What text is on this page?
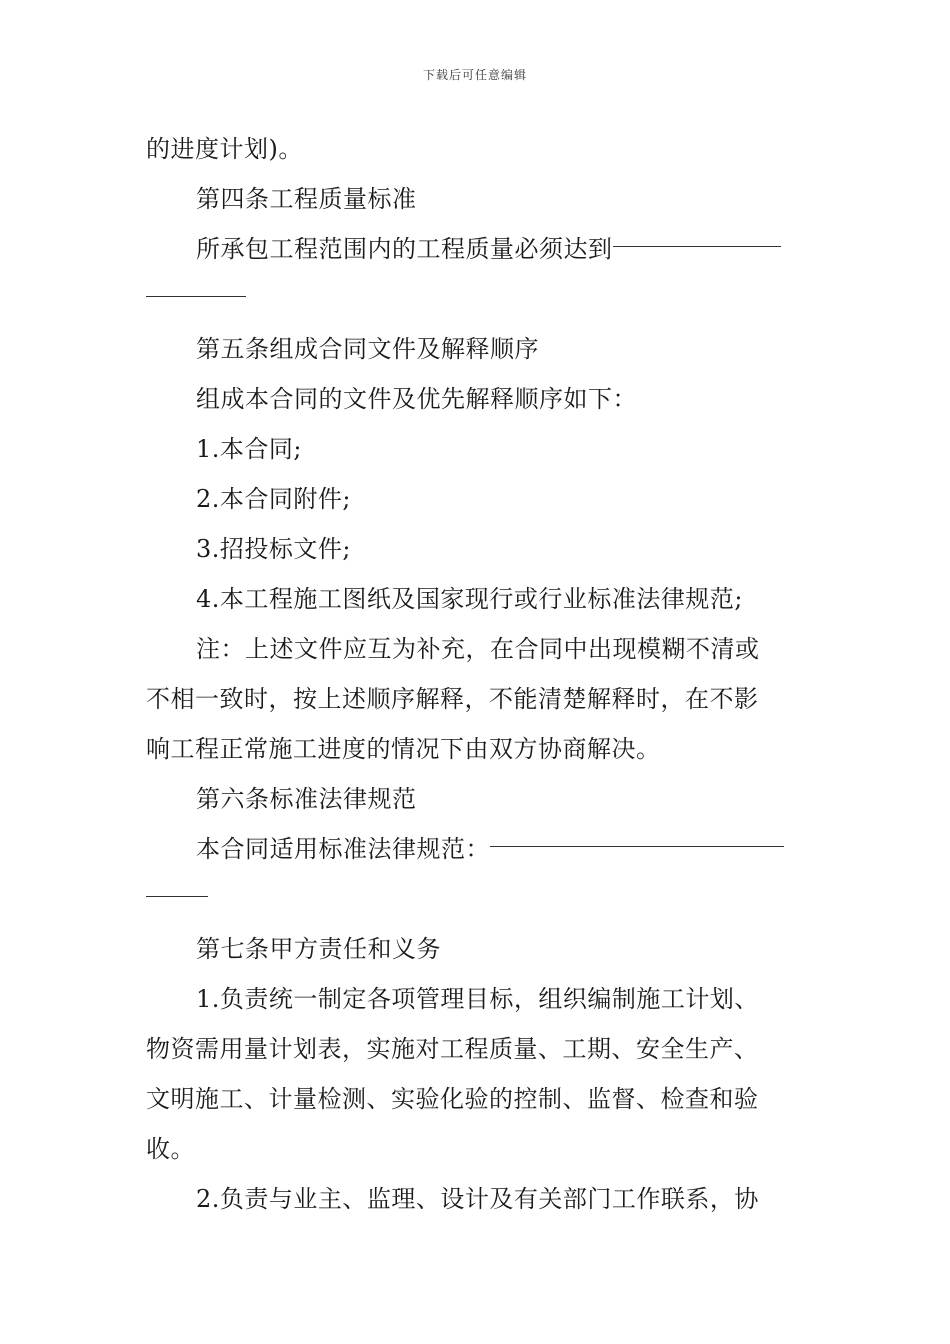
下载后可任意编辑
的进度计划)。
第四条工程质量标准
所承包工程范围内的工程质量必须达到
第五条组成合同文件及解释顺序
组成本合同的文件及优先解释顺序如下：
1.本合同;
2.本合同附件;
3.招投标文件;
4.本工程施工图纸及国家现行或行业标准法律规范;
注：上述文件应互为补充，在合同中出现模糊不清或
不相一致时，按上述顺序解释，不能清楚解释时，在不影
响工程正常施工进度的情况下由双方协商解决。
第六条标准法律规范
本合同适用标准法律规范：
第七条甲方责任和义务
1.负责统一制定各项管理目标，组织编制施工计划、
物资需用量计划表，实施对工程质量、工期、安全生产、
文明施工、计量检测、实验化验的控制、监督、检查和验
收。
2.负责与业主、监理、设计及有关部门工作联系，协
